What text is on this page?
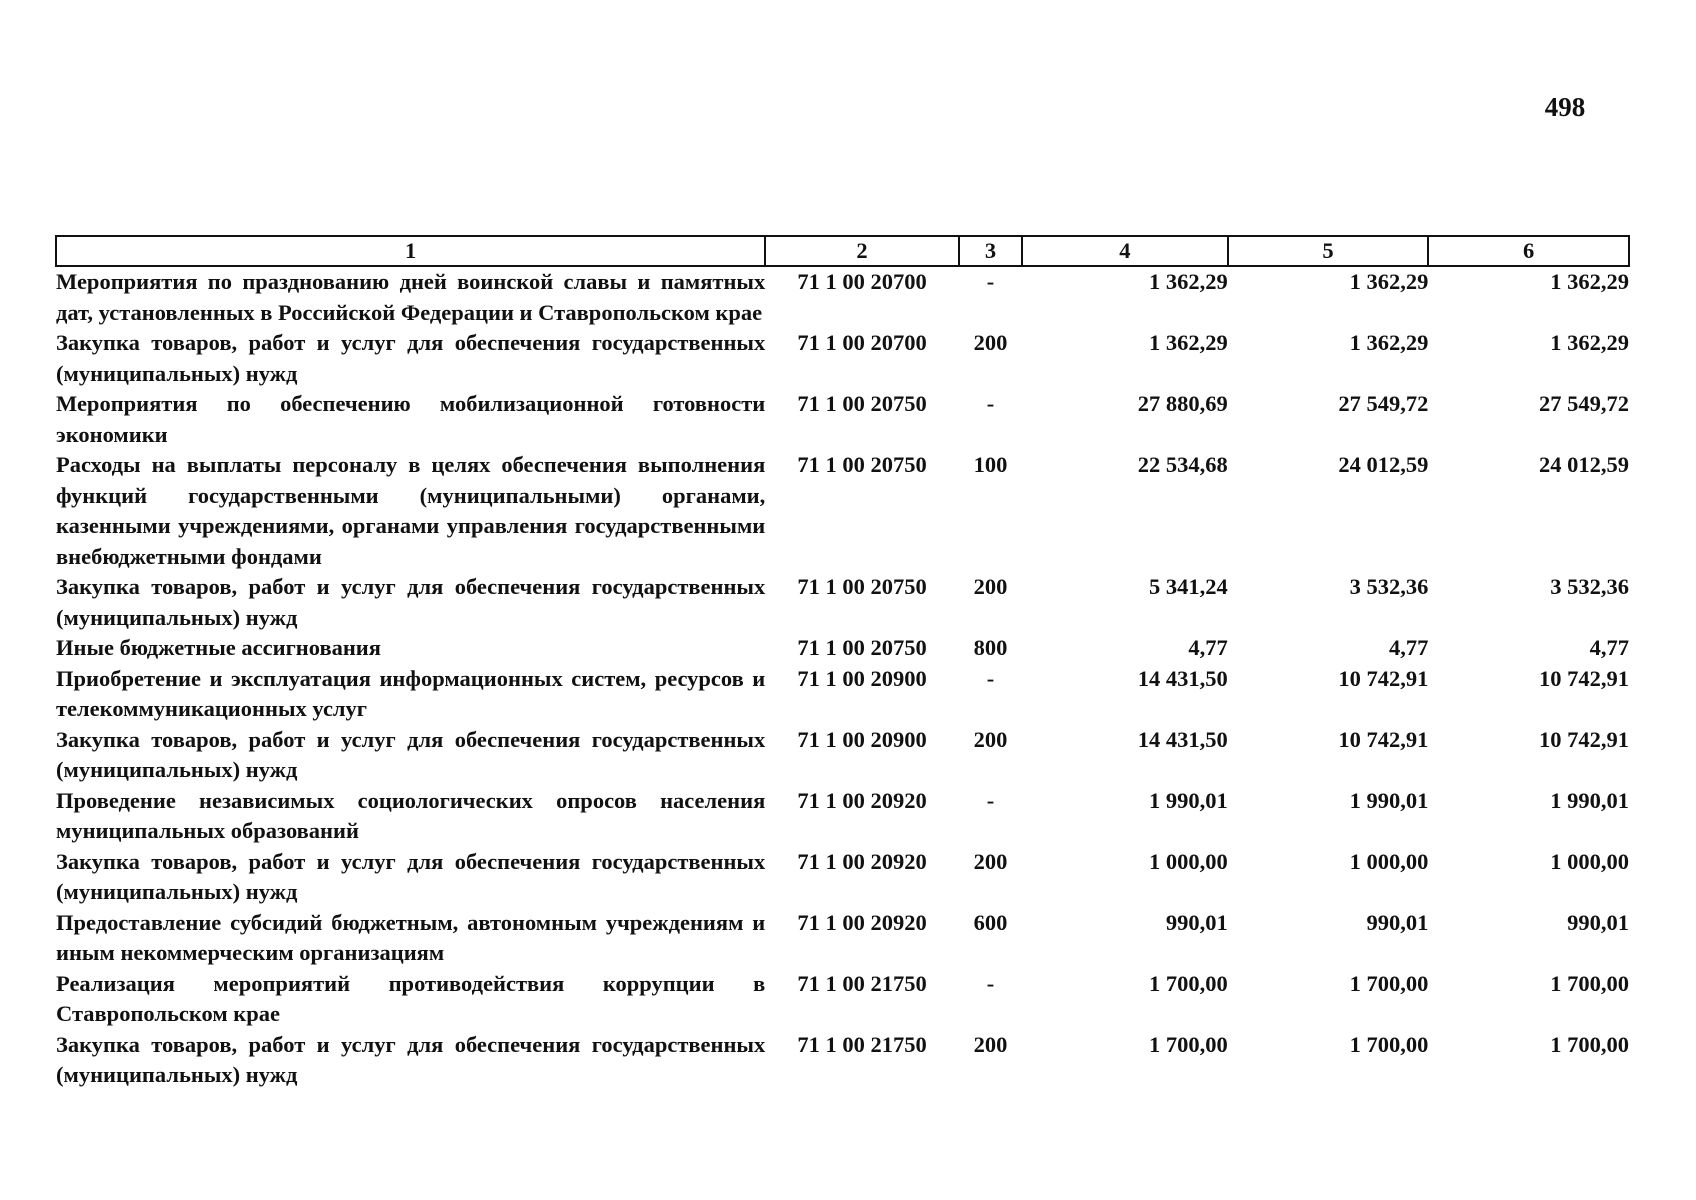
498
1	2	3	4	5	6
Мероприятия по празднованию дней воинской славы и памятных дат, установленных в Российской Федерации и Ставропольском крае	71 1 00 20700	-	1 362,29	1 362,29	1 362,29
Закупка товаров, работ и услуг для обеспечения государственных (муниципальных) нужд	71 1 00 20700	200	1 362,29	1 362,29	1 362,29
Мероприятия по обеспечению мобилизационной готовности экономики	71 1 00 20750	-	27 880,69	27 549,72	27 549,72
Расходы на выплаты персоналу в целях обеспечения выполнения функций государственными (муниципальными) органами, казенными учреждениями, органами управления государственными внебюджетными фондами	71 1 00 20750	100	22 534,68	24 012,59	24 012,59
Закупка товаров, работ и услуг для обеспечения государственных (муниципальных) нужд	71 1 00 20750	200	5 341,24	3 532,36	3 532,36
Иные бюджетные ассигнования	71 1 00 20750	800	4,77	4,77	4,77
Приобретение и эксплуатация информационных систем, ресурсов и телекоммуникационных услуг	71 1 00 20900	-	14 431,50	10 742,91	10 742,91
Закупка товаров, работ и услуг для обеспечения государственных (муниципальных) нужд	71 1 00 20900	200	14 431,50	10 742,91	10 742,91
Проведение независимых социологических опросов населения муниципальных образований	71 1 00 20920	-	1 990,01	1 990,01	1 990,01
Закупка товаров, работ и услуг для обеспечения государственных (муниципальных) нужд	71 1 00 20920	200	1 000,00	1 000,00	1 000,00
Предоставление субсидий бюджетным, автономным учреждениям и иным некоммерческим организациям	71 1 00 20920	600	990,01	990,01	990,01
Реализация мероприятий противодействия коррупции в Ставропольском крае	71 1 00 21750	-	1 700,00	1 700,00	1 700,00
Закупка товаров, работ и услуг для обеспечения государственных (муниципальных) нужд	71 1 00 21750	200	1 700,00	1 700,00	1 700,00
